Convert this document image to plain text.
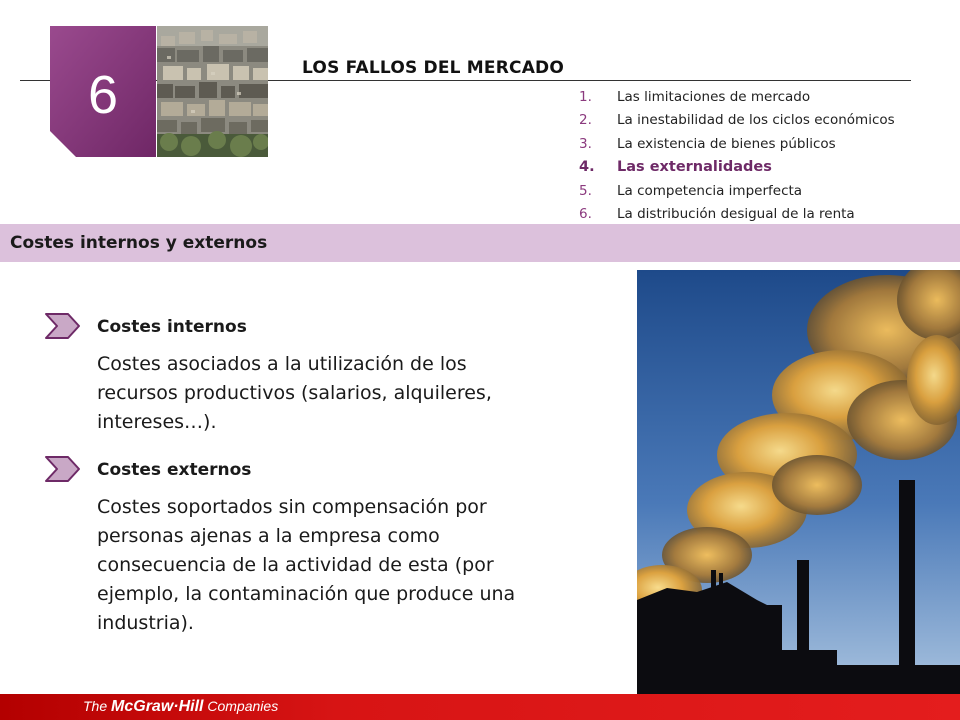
6	LOS FALLOS DEL MERCADO
1. Las limitaciones de mercado
2. La inestabilidad de los ciclos económicos
3. La existencia de bienes públicos
4. Las externalidades
5. La competencia imperfecta
6. La distribución desigual de la renta
Costes internos y externos
Costes internos
Costes asociados a la utilización de los recursos productivos (salarios, alquileres, intereses…).
Costes externos
Costes soportados sin compensación por personas ajenas a la empresa como consecuencia de la actividad de esta (por ejemplo, la contaminación que produce una industria).
The McGraw·Hill Companies
